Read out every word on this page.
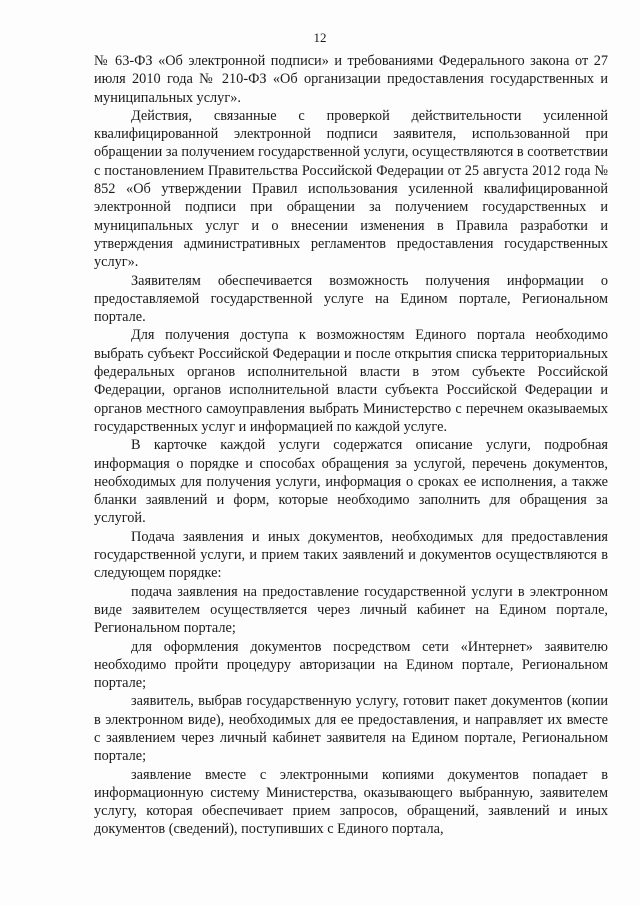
12

№ 63-ФЗ «Об электронной подписи» и требованиями Федерального закона от 27 июля 2010 года № 210-ФЗ «Об организации предоставления государственных и муниципальных услуг».

Действия, связанные с проверкой действительности усиленной квалифицированной электронной подписи заявителя, использованной при обращении за получением государственной услуги, осуществляются в соответствии с постановлением Правительства Российской Федерации от 25 августа 2012 года № 852 «Об утверждении Правил использования усиленной квалифицированной электронной подписи при обращении за получением государственных и муниципальных услуг и о внесении изменения в Правила разработки и утверждения административных регламентов предоставления государственных услуг».

Заявителям обеспечивается возможность получения информации о предоставляемой государственной услуге на Едином портале, Региональном портале.

Для получения доступа к возможностям Единого портала необходимо выбрать субъект Российской Федерации и после открытия списка территориальных федеральных органов исполнительной власти в этом субъекте Российской Федерации, органов исполнительной власти субъекта Российской Федерации и органов местного самоуправления выбрать Министерство с перечнем оказываемых государственных услуг и информацией по каждой услуге.

В карточке каждой услуги содержатся описание услуги, подробная информация о порядке и способах обращения за услугой, перечень документов, необходимых для получения услуги, информация о сроках ее исполнения, а также бланки заявлений и форм, которые необходимо заполнить для обращения за услугой.

Подача заявления и иных документов, необходимых для предоставления государственной услуги, и прием таких заявлений и документов осуществляются в следующем порядке:

подача заявления на предоставление государственной услуги в электронном виде заявителем осуществляется через личный кабинет на Едином портале, Региональном портале;

для оформления документов посредством сети «Интернет» заявителю необходимо пройти процедуру авторизации на Едином портале, Региональном портале;

заявитель, выбрав государственную услугу, готовит пакет документов (копии в электронном виде), необходимых для ее предоставления, и направляет их вместе с заявлением через личный кабинет заявителя на Едином портале, Региональном портале;

заявление вместе с электронными копиями документов попадает в информационную систему Министерства, оказывающего выбранную, заявителем услугу, которая обеспечивает прием запросов, обращений, заявлений и иных документов (сведений), поступивших с Единого портала,
